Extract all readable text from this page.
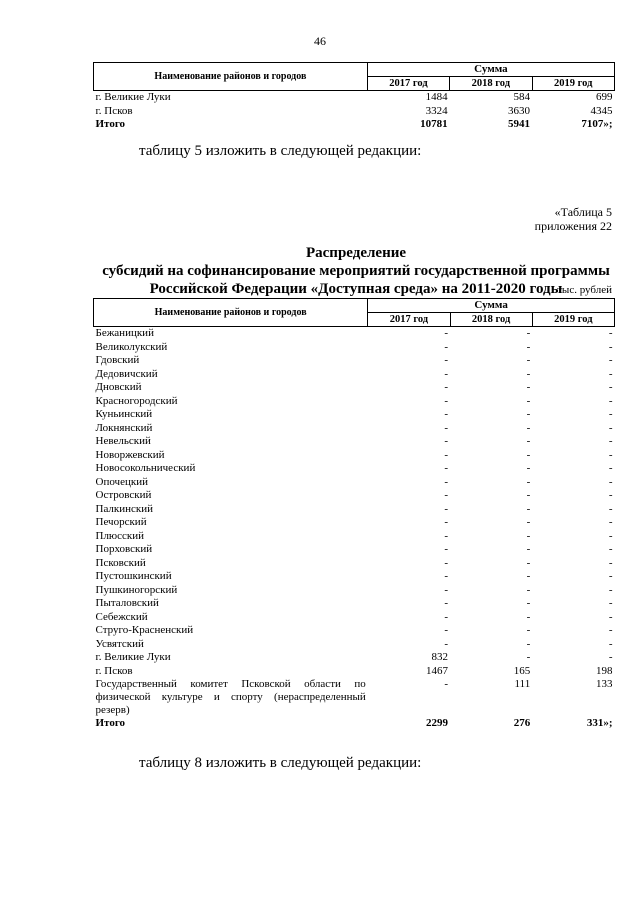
46
Наименование районов и городов	Сумма		
	2017 год	2018 год	2019 год
г. Великие Луки	1484	584	699
г. Псков	3324	3630	4345
Итого	10781	5941	7107»;
таблицу 5 изложить в следующей редакции:
«Таблица 5
приложения 22
Распределение
субсидий на софинансирование мероприятий государственной программы
Российской Федерации «Доступная среда» на 2011-2020 годы
тыс. рублей
Наименование районов и городов	Сумма		
	2017 год	2018 год	2019 год
Бежаницкий	-	-	-
Великолукский	-	-	-
Гдовский	-	-	-
Дедовичский	-	-	-
Дновский	-	-	-
Красногородский	-	-	-
Куньинский	-	-	-
Локнянский	-	-	-
Невельский	-	-	-
Новоржевский	-	-	-
Новосокольнический	-	-	-
Опочецкий	-	-	-
Островский	-	-	-
Палкинский	-	-	-
Печорский	-	-	-
Плюсский	-	-	-
Порховский	-	-	-
Псковский	-	-	-
Пустошкинский	-	-	-
Пушкиногорский	-	-	-
Пыталовский	-	-	-
Себежский	-	-	-
Струго-Красненский	-	-	-
Усвятский	-	-	-
г. Великие Луки	832	-	-
г. Псков	1467	165	198
Государственный комитет Псковской области по физической культуре и спорту (нераспределенный резерв)	-	111	133
Итого	2299	276	331»;
таблицу 8 изложить в следующей редакции:
